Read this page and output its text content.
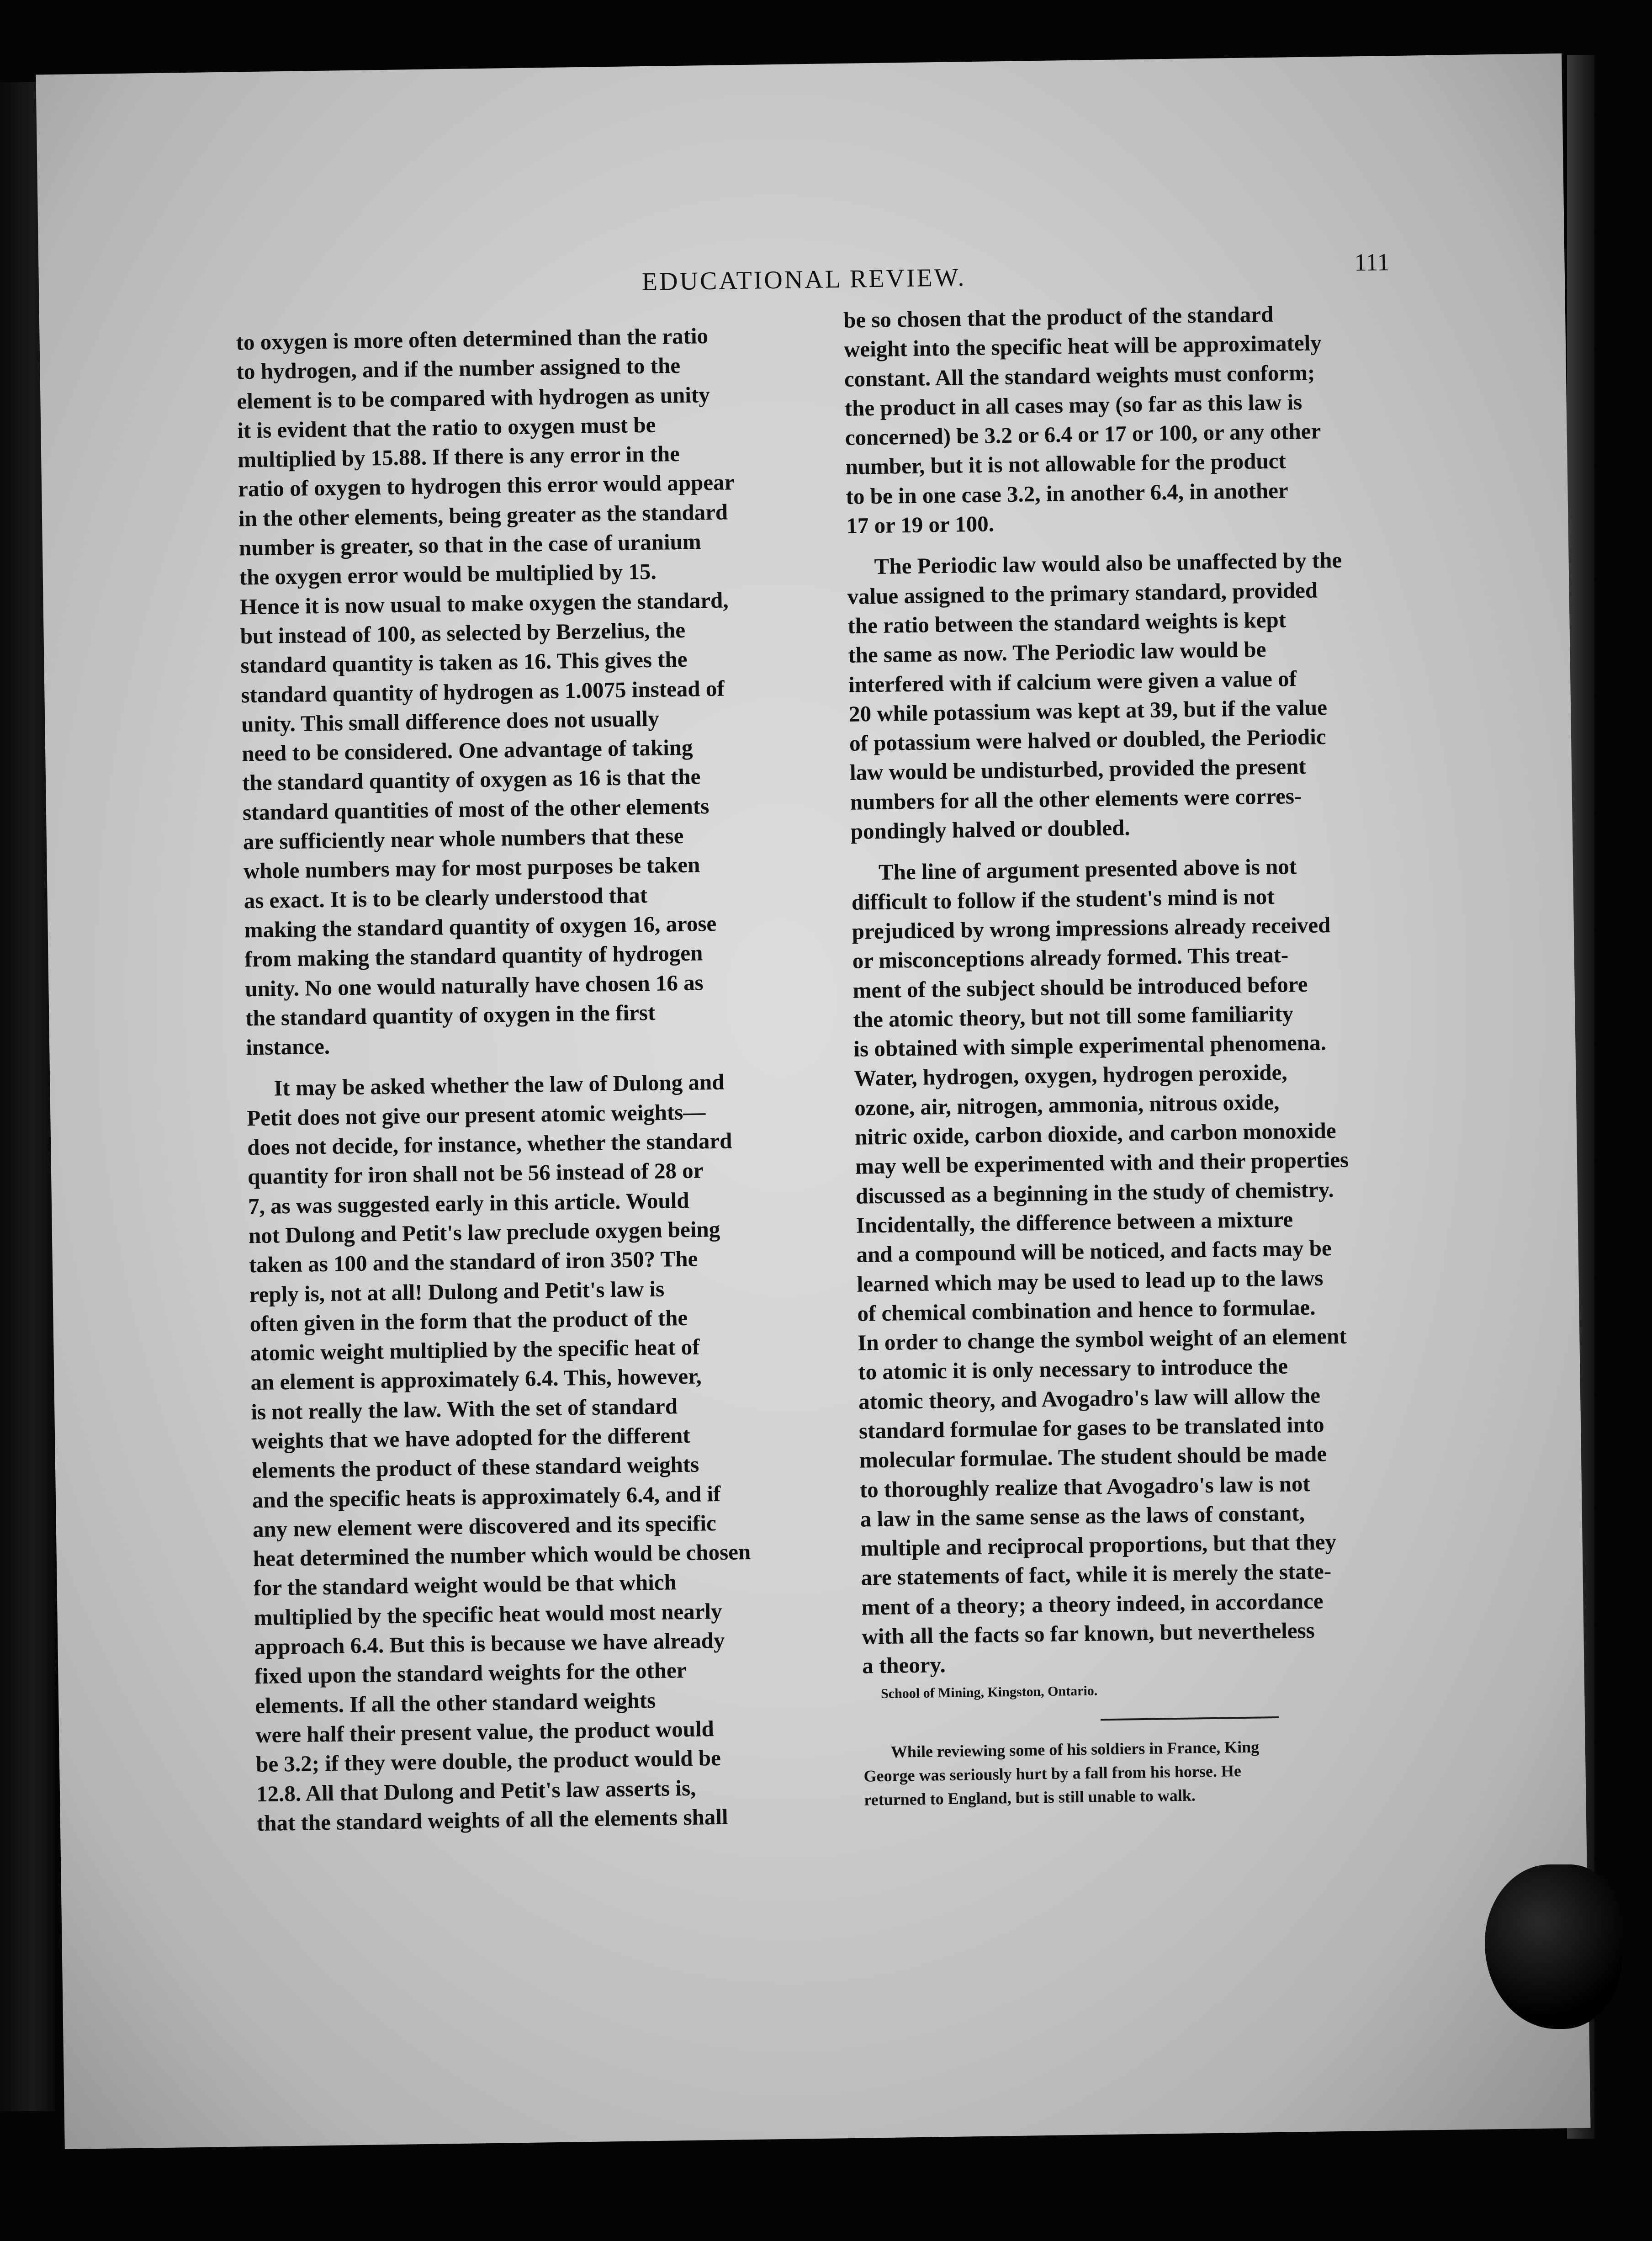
EDUCATIONAL REVIEW.
111
to oxygen is more often determined than the ratio
to hydrogen, and if the number assigned to the
element is to be compared with hydrogen as unity
it is evident that the ratio to oxygen must be
multiplied by 15.88. If there is any error in the
ratio of oxygen to hydrogen this error would appear
in the other elements, being greater as the standard
number is greater, so that in the case of uranium
the oxygen error would be multiplied by 15.
Hence it is now usual to make oxygen the standard,
but instead of 100, as selected by Berzelius, the
standard quantity is taken as 16. This gives the
standard quantity of hydrogen as 1.0075 instead of
unity. This small difference does not usually
need to be considered. One advantage of taking
the standard quantity of oxygen as 16 is that the
standard quantities of most of the other elements
are sufficiently near whole numbers that these
whole numbers may for most purposes be taken
as exact. It is to be clearly understood that
making the standard quantity of oxygen 16, arose
from making the standard quantity of hydrogen
unity. No one would naturally have chosen 16 as
the standard quantity of oxygen in the first
instance.
It may be asked whether the law of Dulong and
Petit does not give our present atomic weights—
does not decide, for instance, whether the standard
quantity for iron shall not be 56 instead of 28 or
7, as was suggested early in this article. Would
not Dulong and Petit's law preclude oxygen being
taken as 100 and the standard of iron 350? The
reply is, not at all! Dulong and Petit's law is
often given in the form that the product of the
atomic weight multiplied by the specific heat of
an element is approximately 6.4. This, however,
is not really the law. With the set of standard
weights that we have adopted for the different
elements the product of these standard weights
and the specific heats is approximately 6.4, and if
any new element were discovered and its specific
heat determined the number which would be chosen
for the standard weight would be that which
multiplied by the specific heat would most nearly
approach 6.4. But this is because we have already
fixed upon the standard weights for the other
elements. If all the other standard weights
were half their present value, the product would
be 3.2; if they were double, the product would be
12.8. All that Dulong and Petit's law asserts is,
that the standard weights of all the elements shall
be so chosen that the product of the standard
weight into the specific heat will be approximately
constant. All the standard weights must conform;
the product in all cases may (so far as this law is
concerned) be 3.2 or 6.4 or 17 or 100, or any other
number, but it is not allowable for the product
to be in one case 3.2, in another 6.4, in another
17 or 19 or 100.
The Periodic law would also be unaffected by the
value assigned to the primary standard, provided
the ratio between the standard weights is kept
the same as now. The Periodic law would be
interfered with if calcium were given a value of
20 while potassium was kept at 39, but if the value
of potassium were halved or doubled, the Periodic
law would be undisturbed, provided the present
numbers for all the other elements were corres-
pondingly halved or doubled.
The line of argument presented above is not
difficult to follow if the student's mind is not
prejudiced by wrong impressions already received
or misconceptions already formed. This treat-
ment of the subject should be introduced before
the atomic theory, but not till some familiarity
is obtained with simple experimental phenomena.
Water, hydrogen, oxygen, hydrogen peroxide,
ozone, air, nitrogen, ammonia, nitrous oxide,
nitric oxide, carbon dioxide, and carbon monoxide
may well be experimented with and their properties
discussed as a beginning in the study of chemistry.
Incidentally, the difference between a mixture
and a compound will be noticed, and facts may be
learned which may be used to lead up to the laws
of chemical combination and hence to formulae.
In order to change the symbol weight of an element
to atomic it is only necessary to introduce the
atomic theory, and Avogadro's law will allow the
standard formulae for gases to be translated into
molecular formulae. The student should be made
to thoroughly realize that Avogadro's law is not
a law in the same sense as the laws of constant,
multiple and reciprocal proportions, but that they
are statements of fact, while it is merely the state-
ment of a theory; a theory indeed, in accordance
with all the facts so far known, but nevertheless
a theory.
School of Mining, Kingston, Ontario.
While reviewing some of his soldiers in France, King
George was seriously hurt by a fall from his horse. He
returned to England, but is still unable to walk.
